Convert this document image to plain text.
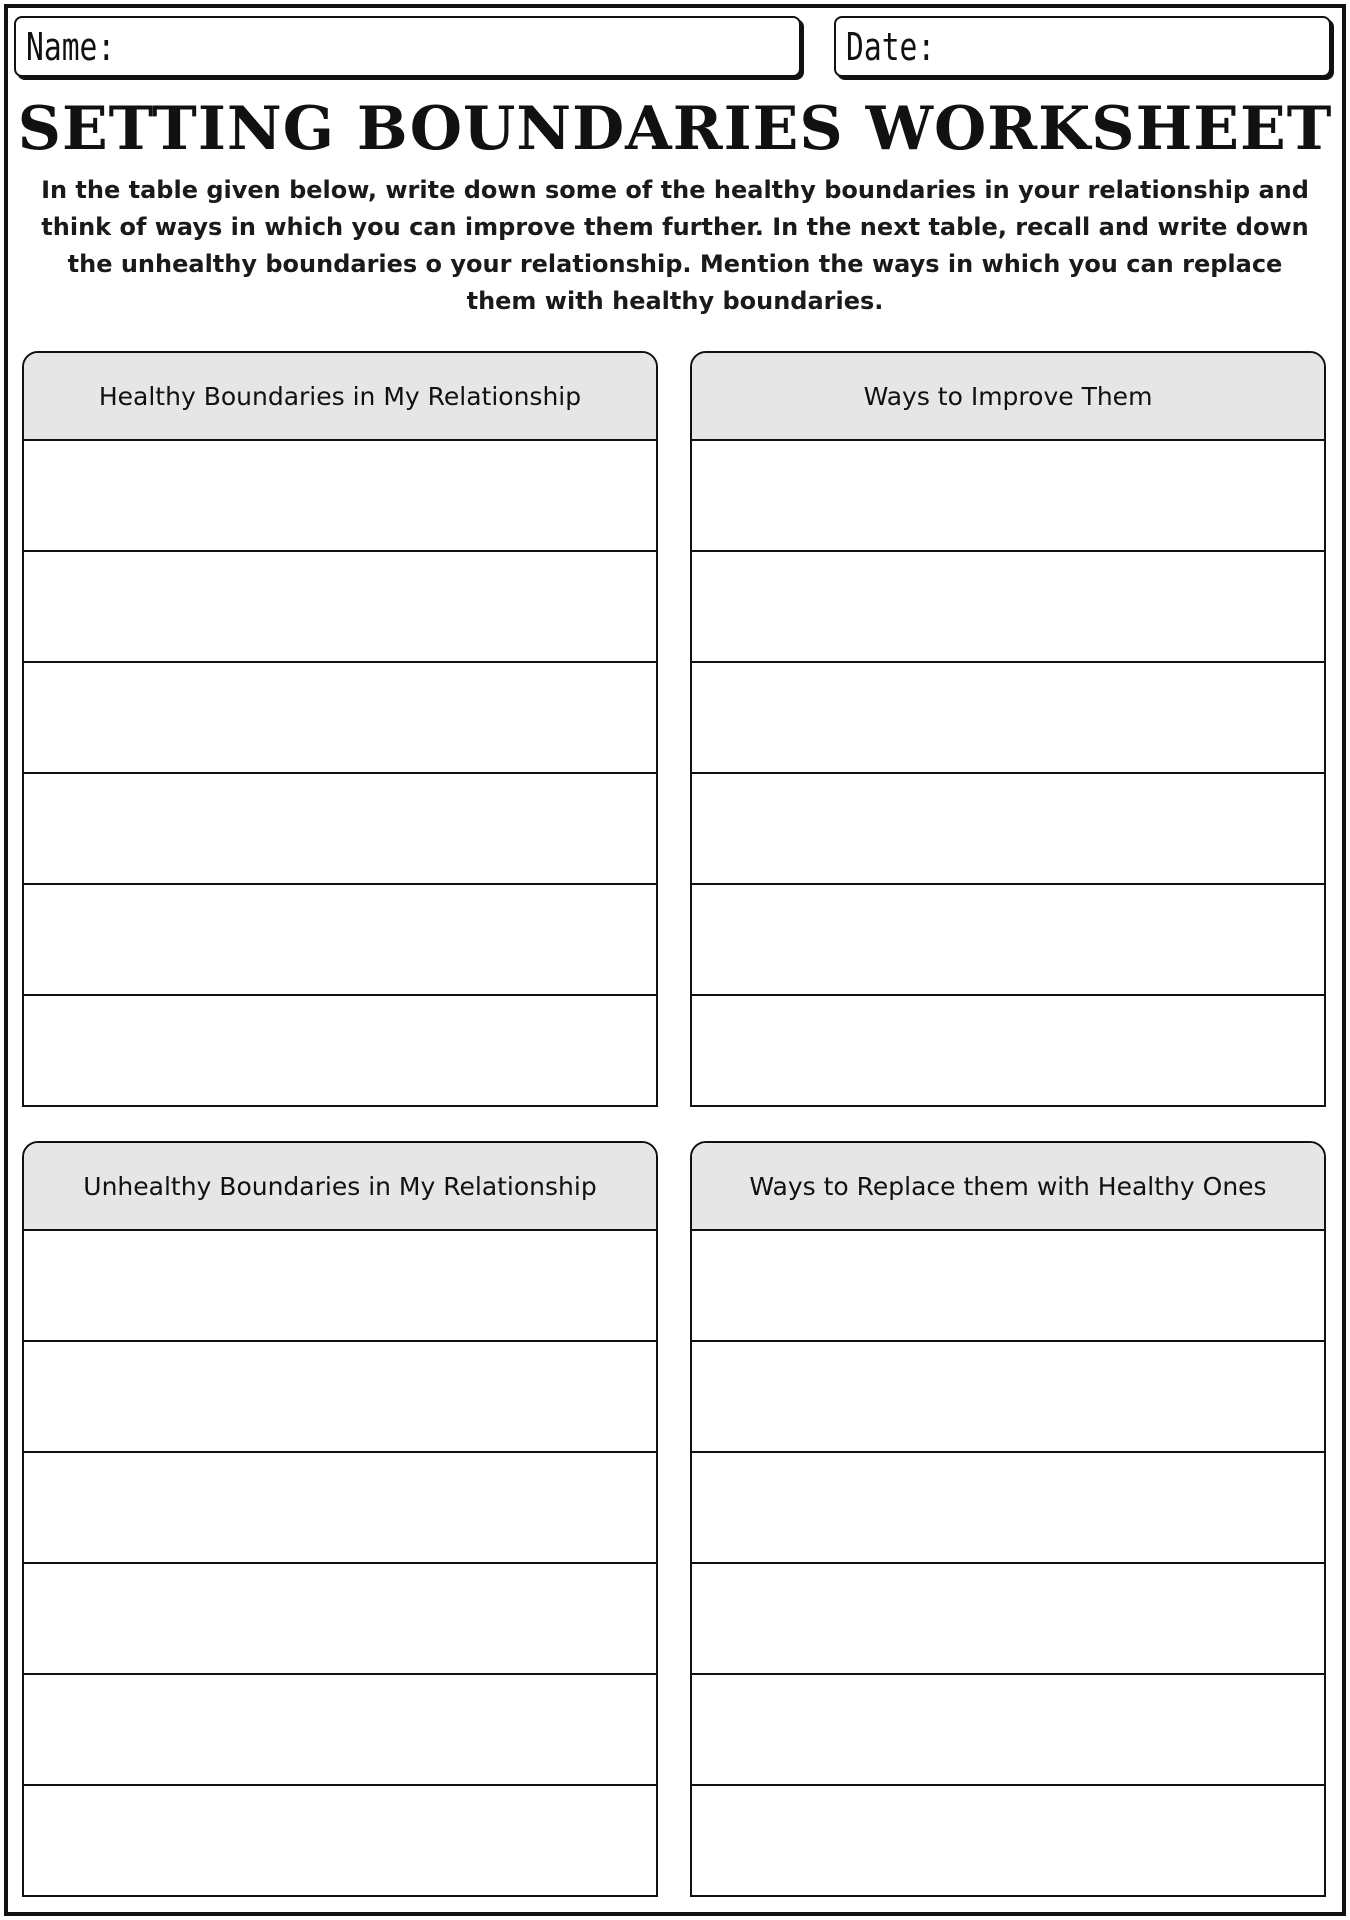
Name:	Date:
SETTING BOUNDARIES WORKSHEET
In the table given below, write down some of the healthy boundaries in your relationship and think of ways in which you can improve them further. In the next table, recall and write down the unhealthy boundaries o your relationship. Mention the ways in which you can replace them with healthy boundaries.
Healthy Boundaries in My Relationship	Ways to Improve Them
Unhealthy Boundaries in My Relationship	Ways to Replace them with Healthy Ones
